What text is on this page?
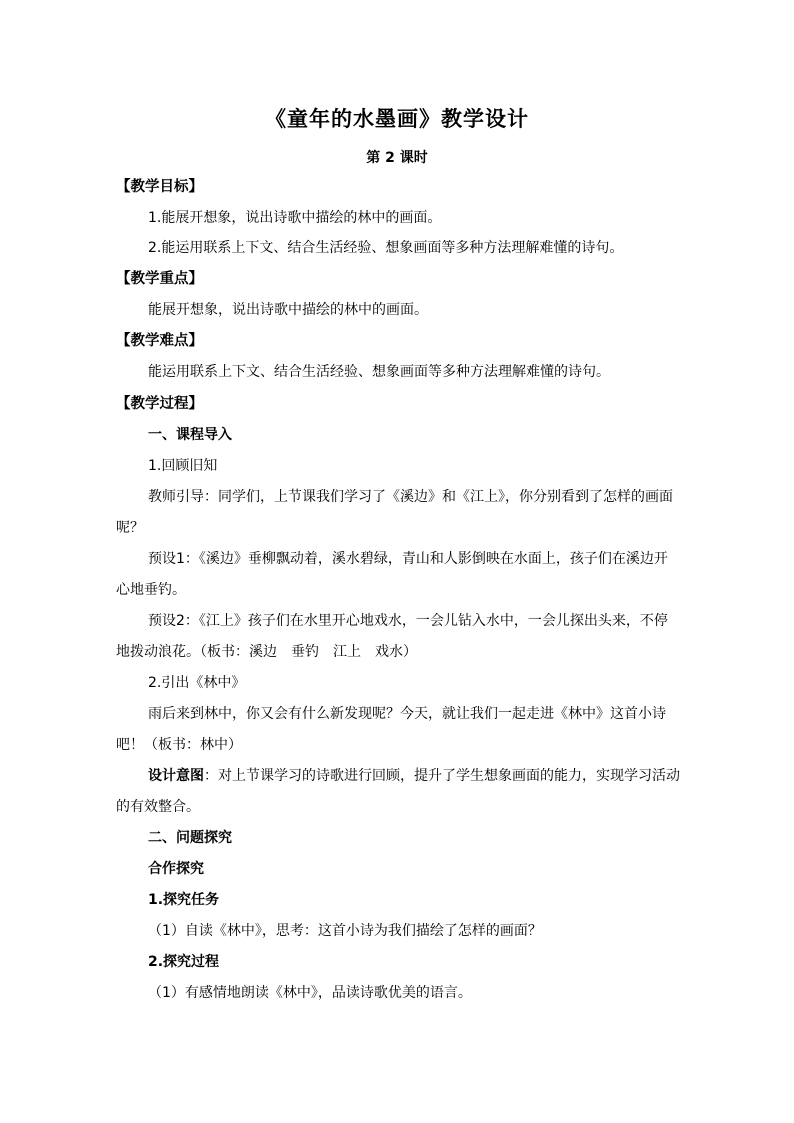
《童年的水墨画》教学设计
第 2 课时
【教学目标】
1.能展开想象，说出诗歌中描绘的林中的画面。
2.能运用联系上下文、结合生活经验、想象画面等多种方法理解难懂的诗句。
【教学重点】
能展开想象，说出诗歌中描绘的林中的画面。
【教学难点】
能运用联系上下文、结合生活经验、想象画面等多种方法理解难懂的诗句。
【教学过程】
一、课程导入
1.回顾旧知
教师引导：同学们，上节课我们学习了《溪边》和《江上》，你分别看到了怎样的画面
呢？
预设1：《溪边》垂柳飘动着，溪水碧绿，青山和人影倒映在水面上，孩子们在溪边开
心地垂钓。
预设2：《江上》孩子们在水里开心地戏水，一会儿钻入水中，一会儿探出头来，不停
地拨动浪花。（板书：溪边　垂钓　江上　戏水）
2.引出《林中》
雨后来到林中，你又会有什么新发现呢？今天，就让我们一起走进《林中》这首小诗
吧！（板书：林中）
设计意图：对上节课学习的诗歌进行回顾，提升了学生想象画面的能力，实现学习活动
的有效整合。
二、问题探究
合作探究
1.探究任务
（1）自读《林中》，思考：这首小诗为我们描绘了怎样的画面？
2.探究过程
（1）有感情地朗读《林中》，品读诗歌优美的语言。
